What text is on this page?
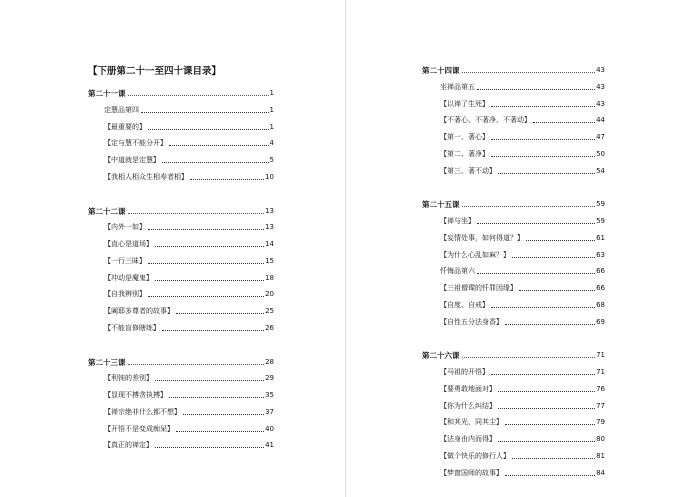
【下册第二十一至四十课目录】
第二十一课	1
定慧品第四	1
【最重要的】	1
【定与慧不能分开】	4
【中道就是定慧】	5
【我相人相众生相寿者相】	10
第二十二课	13
【内外一如】	13
【直心是道场】	14
【一行三昧】	15
【冲动是魔鬼】	18
【自我辨别】	20
【阇耶多尊者的故事】	25
【不能盲修瞎练】	26
第二十三课	28
【利钝的差别】	29
【显现不搏贪执搏】	35
【禅宗绝非什么都不想】	37
【开悟不是变成痴呆】	40
【真正的禅定】	41
第二十四课	43
坐禅品第五	43
【以禅了生死】	43
【不著心、不著净、不著动】	44
【第一、著心】	47
【第二、著净】	50
【第三、著不动】	54
第二十五课	59
【禅与坐】	59
【妄情处事，如何得道？】	61
【为什么心乱如麻？】	63
忏悔品第六	66
【三祖僧璨的忏罪因缘】	66
【自度、自戒】	68
【自性五分法身香】	69
第二十六课	71
【马祖的开悟】	71
【要勇敢地面对】	76
【你为什么纠结】	77
【和其光，同其尘】	79
【法身由内而得】	80
【做个快乐的修行人】	81
【梦窗国师的故事】	84
